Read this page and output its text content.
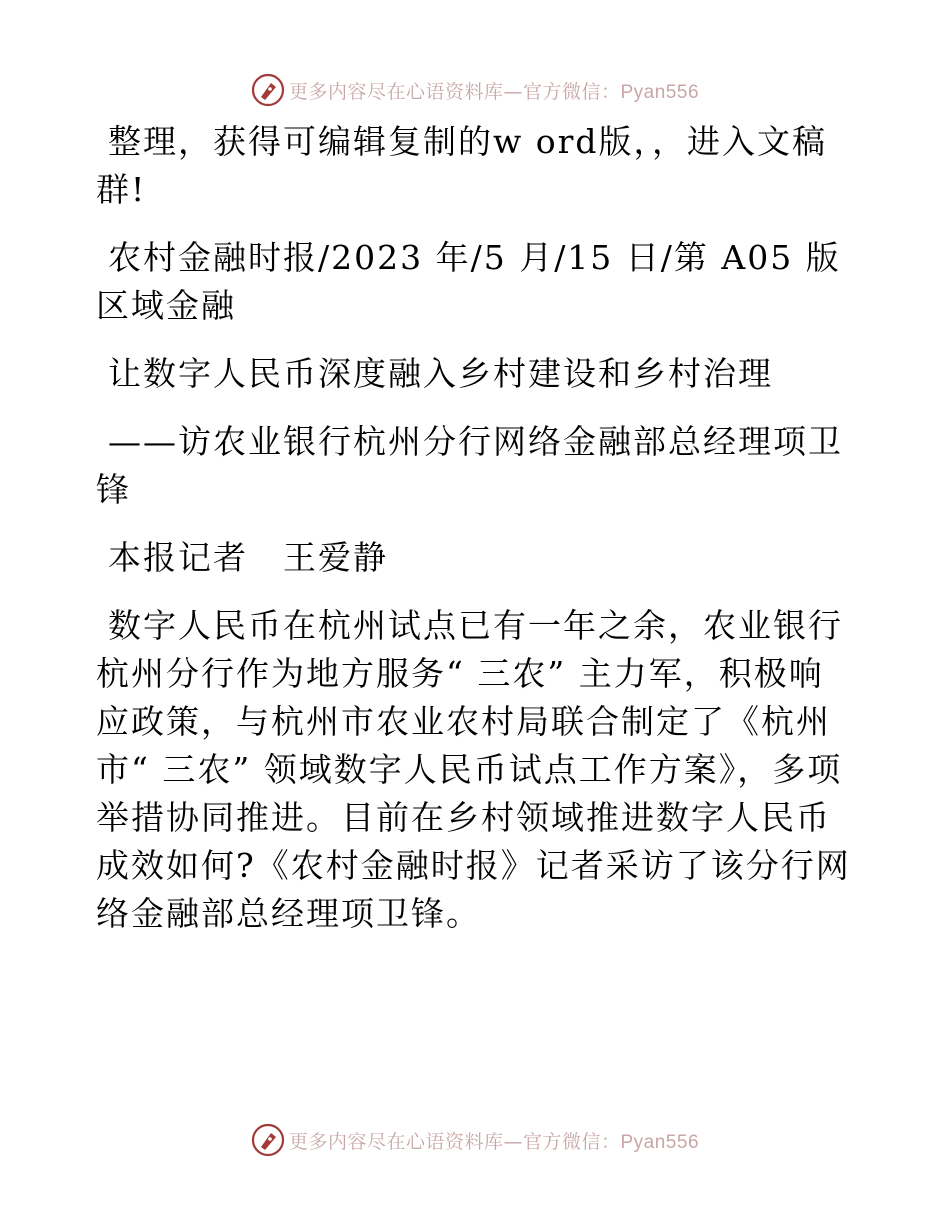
更多内容尽在心语资料库—官方微信：Pyan556

整理，获得可编辑复制的w ord版，，进入文稿群!

农村金融时报/2023 年/5 月/15 日/第 A05 版区域金融

让数字人民币深度融入乡村建设和乡村治理

——访农业银行杭州分行网络金融部总经理项卫锋

本报记者　王爱静

数字人民币在杭州试点已有一年之余，农业银行杭州分行作为地方服务“ 三农” 主力军，积极响应政策，与杭州市农业农村局联合制定了《杭州市“ 三农” 领域数字人民币试点工作方案》，多项举措协同推进。目前在乡村领域推进数字人民币成效如何?《农村金融时报》记者采访了该分行网络金融部总经理项卫锋。

更多内容尽在心语资料库—官方微信：Pyan556
